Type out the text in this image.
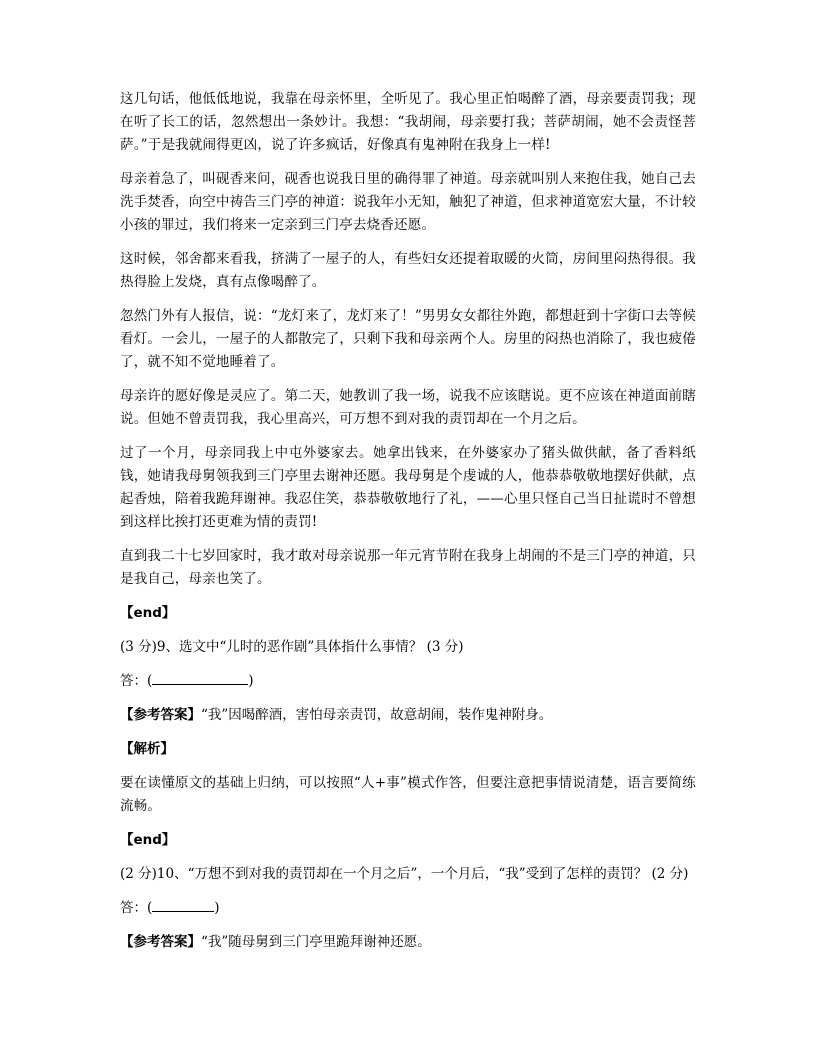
这几句话，他低低地说，我靠在母亲怀里，全听见了。我心里正怕喝醉了酒，母亲要责罚我；现在听了长工的话，忽然想出一条妙计。我想：“我胡闹，母亲要打我；菩萨胡闹，她不会责怪菩萨。”于是我就闹得更凶，说了许多疯话，好像真有鬼神附在我身上一样!

母亲着急了，叫砚香来问，砚香也说我日里的确得罪了神道。母亲就叫别人来抱住我，她自己去洗手焚香，向空中祷告三门亭的神道：说我年小无知，触犯了神道，但求神道宽宏大量，不计较小孩的罪过，我们将来一定亲到三门亭去烧香还愿。

这时候，邻舍都来看我，挤满了一屋子的人，有些妇女还提着取暖的火筒，房间里闷热得很。我热得脸上发烧，真有点像喝醉了。

忽然门外有人报信，说：“龙灯来了，龙灯来了！”男男女女都往外跑，都想赶到十字街口去等候看灯。一会儿，一屋子的人都散完了，只剩下我和母亲两个人。房里的闷热也消除了，我也疲倦了，就不知不觉地睡着了。

母亲许的愿好像是灵应了。第二天，她教训了我一场，说我不应该瞎说。更不应该在神道面前瞎说。但她不曾责罚我，我心里高兴，可万想不到对我的责罚却在一个月之后。

过了一个月，母亲同我上中屯外婆家去。她拿出钱来，在外婆家办了猪头做供献，备了香料纸钱，她请我母舅领我到三门亭里去谢神还愿。我母舅是个虔诚的人，他恭恭敬敬地摆好供献，点起香烛，陪着我跪拜谢神。我忍住笑，恭恭敬敬地行了礼，——心里只怪自己当日扯谎时不曾想到这样比挨打还更难为情的责罚!

直到我二十七岁回家时，我才敢对母亲说那一年元宵节附在我身上胡闹的不是三门亭的神道，只是我自己，母亲也笑了。

【end】

(3 分)9、选文中“儿时的恶作剧”具体指什么事情？ (3 分)

答：(	)

【参考答案】“我”因喝醉酒，害怕母亲责罚，故意胡闹，装作鬼神附身。

【解析】

要在读懂原文的基础上归纳，可以按照“人+事”模式作答，但要注意把事情说清楚，语言要简练流畅。

【end】

(2 分)10、“万想不到对我的责罚却在一个月之后”，一个月后，“我”受到了怎样的责罚？ (2 分)

答：(	)

【参考答案】“我”随母舅到三门亭里跪拜谢神还愿。
